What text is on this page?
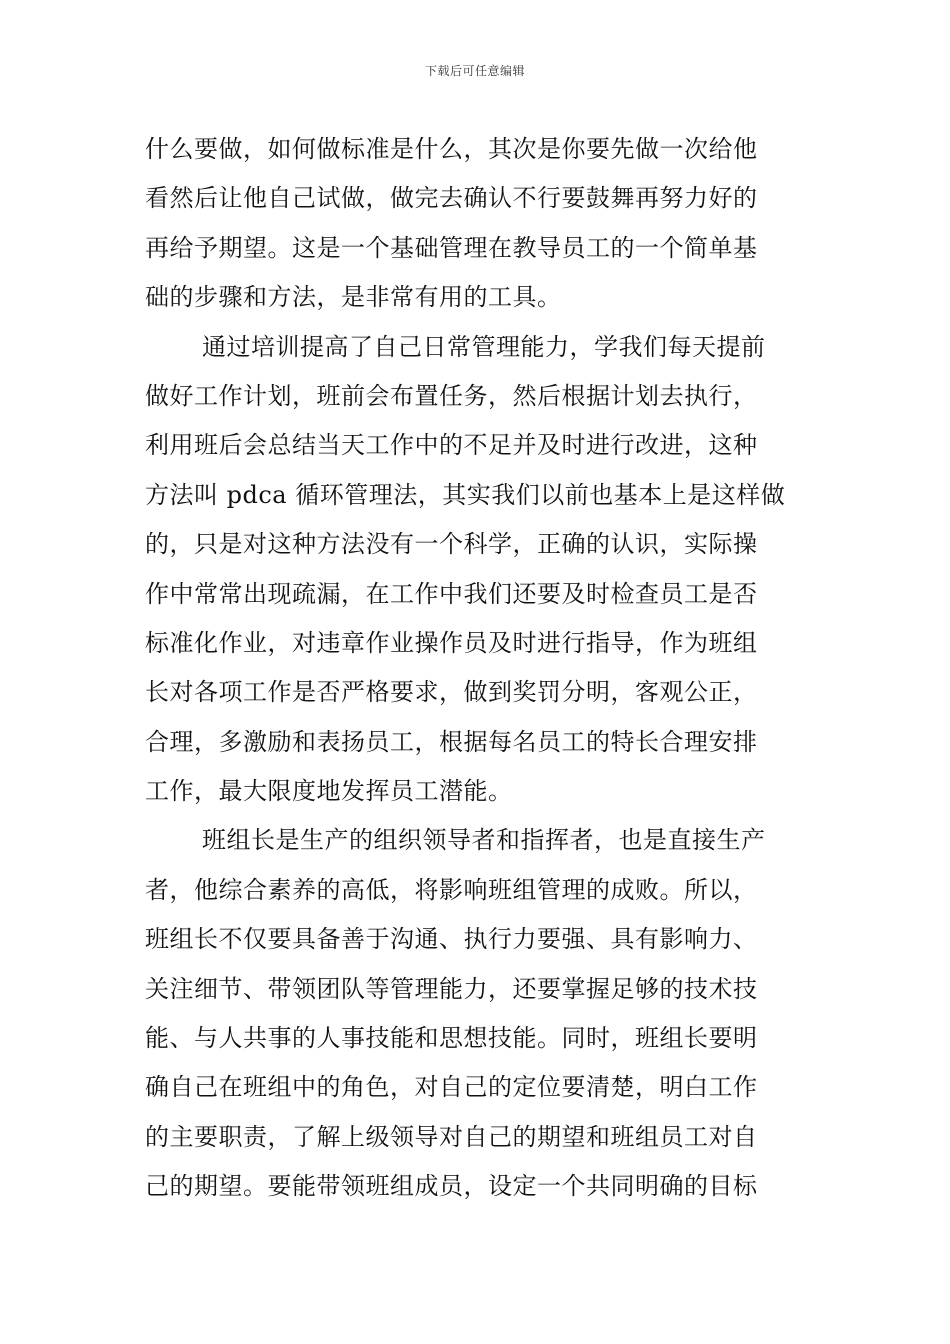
下载后可任意编辑
什么要做，如何做标准是什么，其次是你要先做一次给他
看然后让他自己试做，做完去确认不行要鼓舞再努力好的
再给予期望。这是一个基础管理在教导员工的一个简单基
础的步骤和方法，是非常有用的工具。
通过培训提高了自己日常管理能力，学我们每天提前
做好工作计划，班前会布置任务，然后根据计划去执行，
利用班后会总结当天工作中的不足并及时进行改进，这种
方法叫 pdca 循环管理法，其实我们以前也基本上是这样做
的，只是对这种方法没有一个科学，正确的认识，实际操
作中常常出现疏漏，在工作中我们还要及时检查员工是否
标准化作业，对违章作业操作员及时进行指导，作为班组
长对各项工作是否严格要求，做到奖罚分明，客观公正，
合理，多激励和表扬员工，根据每名员工的特长合理安排
工作，最大限度地发挥员工潜能。
班组长是生产的组织领导者和指挥者，也是直接生产
者，他综合素养的高低，将影响班组管理的成败。所以，
班组长不仅要具备善于沟通、执行力要强、具有影响力、
关注细节、带领团队等管理能力，还要掌握足够的技术技
能、与人共事的人事技能和思想技能。同时，班组长要明
确自己在班组中的角色，对自己的定位要清楚，明白工作
的主要职责，了解上级领导对自己的期望和班组员工对自
己的期望。要能带领班组成员，设定一个共同明确的目标
